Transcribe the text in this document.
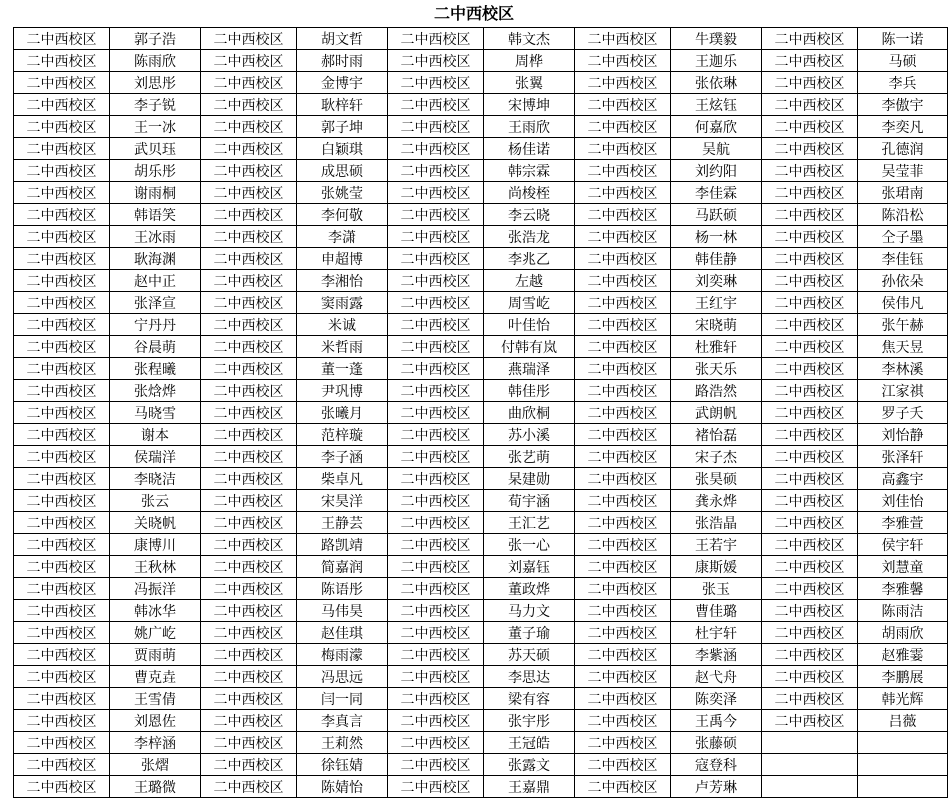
二中西校区
二中西校区	郭子浩	二中西校区	胡文哲	二中西校区	韩文杰	二中西校区	牛璞毅	二中西校区	陈一诺
二中西校区	陈雨欣	二中西校区	郝时雨	二中西校区	周桦	二中西校区	王迦乐	二中西校区	马硕
二中西校区	刘思彤	二中西校区	金博宇	二中西校区	张翼	二中西校区	张依琳	二中西校区	李兵
二中西校区	李子锐	二中西校区	耿梓轩	二中西校区	宋博坤	二中西校区	王炫钰	二中西校区	李傲宇
二中西校区	王一冰	二中西校区	郭子坤	二中西校区	王雨欣	二中西校区	何嘉欣	二中西校区	李奕凡
二中西校区	武贝珏	二中西校区	白颖琪	二中西校区	杨佳诺	二中西校区	吴航	二中西校区	孔德润
二中西校区	胡乐彤	二中西校区	成思硕	二中西校区	韩宗霖	二中西校区	刘约阳	二中西校区	吴莹菲
二中西校区	谢雨桐	二中西校区	张姚莹	二中西校区	尚梭桎	二中西校区	李佳霖	二中西校区	张珺南
二中西校区	韩语笑	二中西校区	李何敬	二中西校区	李云晓	二中西校区	马跃硕	二中西校区	陈沿松
二中西校区	王冰雨	二中西校区	李潇	二中西校区	张浩龙	二中西校区	杨一林	二中西校区	仝子墨
二中西校区	耿海渊	二中西校区	申超博	二中西校区	李兆乙	二中西校区	韩佳静	二中西校区	李佳钰
二中西校区	赵中正	二中西校区	李湘怡	二中西校区	左越	二中西校区	刘奕琳	二中西校区	孙依朵
二中西校区	张泽宣	二中西校区	窦雨露	二中西校区	周雪屹	二中西校区	王红宇	二中西校区	侯伟凡
二中西校区	宁丹丹	二中西校区	米诚	二中西校区	叶佳怡	二中西校区	宋晓萌	二中西校区	张午赫
二中西校区	谷晨萌	二中西校区	米哲雨	二中西校区	付韩有岚	二中西校区	杜雅轩	二中西校区	焦天昱
二中西校区	张程曦	二中西校区	董一蓬	二中西校区	燕瑞泽	二中西校区	张天乐	二中西校区	李林溪
二中西校区	张焓烨	二中西校区	尹巩博	二中西校区	韩佳彤	二中西校区	路浩然	二中西校区	江家祺
二中西校区	马晓雪	二中西校区	张曦月	二中西校区	曲欣桐	二中西校区	武朗帆	二中西校区	罗子夭
二中西校区	谢本	二中西校区	范梓璇	二中西校区	苏小溪	二中西校区	褚怡磊	二中西校区	刘怡静
二中西校区	侯瑞洋	二中西校区	李子涵	二中西校区	张艺萌	二中西校区	宋子杰	二中西校区	张泽轩
二中西校区	李晓洁	二中西校区	柴卓凡	二中西校区	杲建勋	二中西校区	张昊硕	二中西校区	高鑫宇
二中西校区	张云	二中西校区	宋昊洋	二中西校区	荀宇涵	二中西校区	龚永烨	二中西校区	刘佳怡
二中西校区	关晓帆	二中西校区	王静芸	二中西校区	王汇艺	二中西校区	张浩晶	二中西校区	李雅萱
二中西校区	康博川	二中西校区	路凯靖	二中西校区	张一心	二中西校区	王若宇	二中西校区	侯宇轩
二中西校区	王秋林	二中西校区	简嘉润	二中西校区	刘嘉钰	二中西校区	康斯媛	二中西校区	刘慧童
二中西校区	冯振洋	二中西校区	陈语彤	二中西校区	董政烨	二中西校区	张玉	二中西校区	李雅馨
二中西校区	韩冰华	二中西校区	马伟昊	二中西校区	马力文	二中西校区	曹佳璐	二中西校区	陈雨洁
二中西校区	姚广屹	二中西校区	赵佳琪	二中西校区	董子瑜	二中西校区	杜宇轩	二中西校区	胡雨欣
二中西校区	贾雨萌	二中西校区	梅雨濛	二中西校区	苏天硕	二中西校区	李紫涵	二中西校区	赵雅霎
二中西校区	曹克垚	二中西校区	冯思远	二中西校区	李思达	二中西校区	赵弋舟	二中西校区	李鹏展
二中西校区	王雪倩	二中西校区	闫一同	二中西校区	梁有容	二中西校区	陈奕泽	二中西校区	韩光辉
二中西校区	刘恩佐	二中西校区	李真言	二中西校区	张宇彤	二中西校区	王禹今	二中西校区	吕薇
二中西校区	李梓涵	二中西校区	王莉然	二中西校区	王冠皓	二中西校区	张藤硕		
二中西校区	张熠	二中西校区	徐钰婧	二中西校区	张露文	二中西校区	寇登科		
二中西校区	王璐微	二中西校区	陈婧怡	二中西校区	王嘉鼎	二中西校区	卢芳琳		
